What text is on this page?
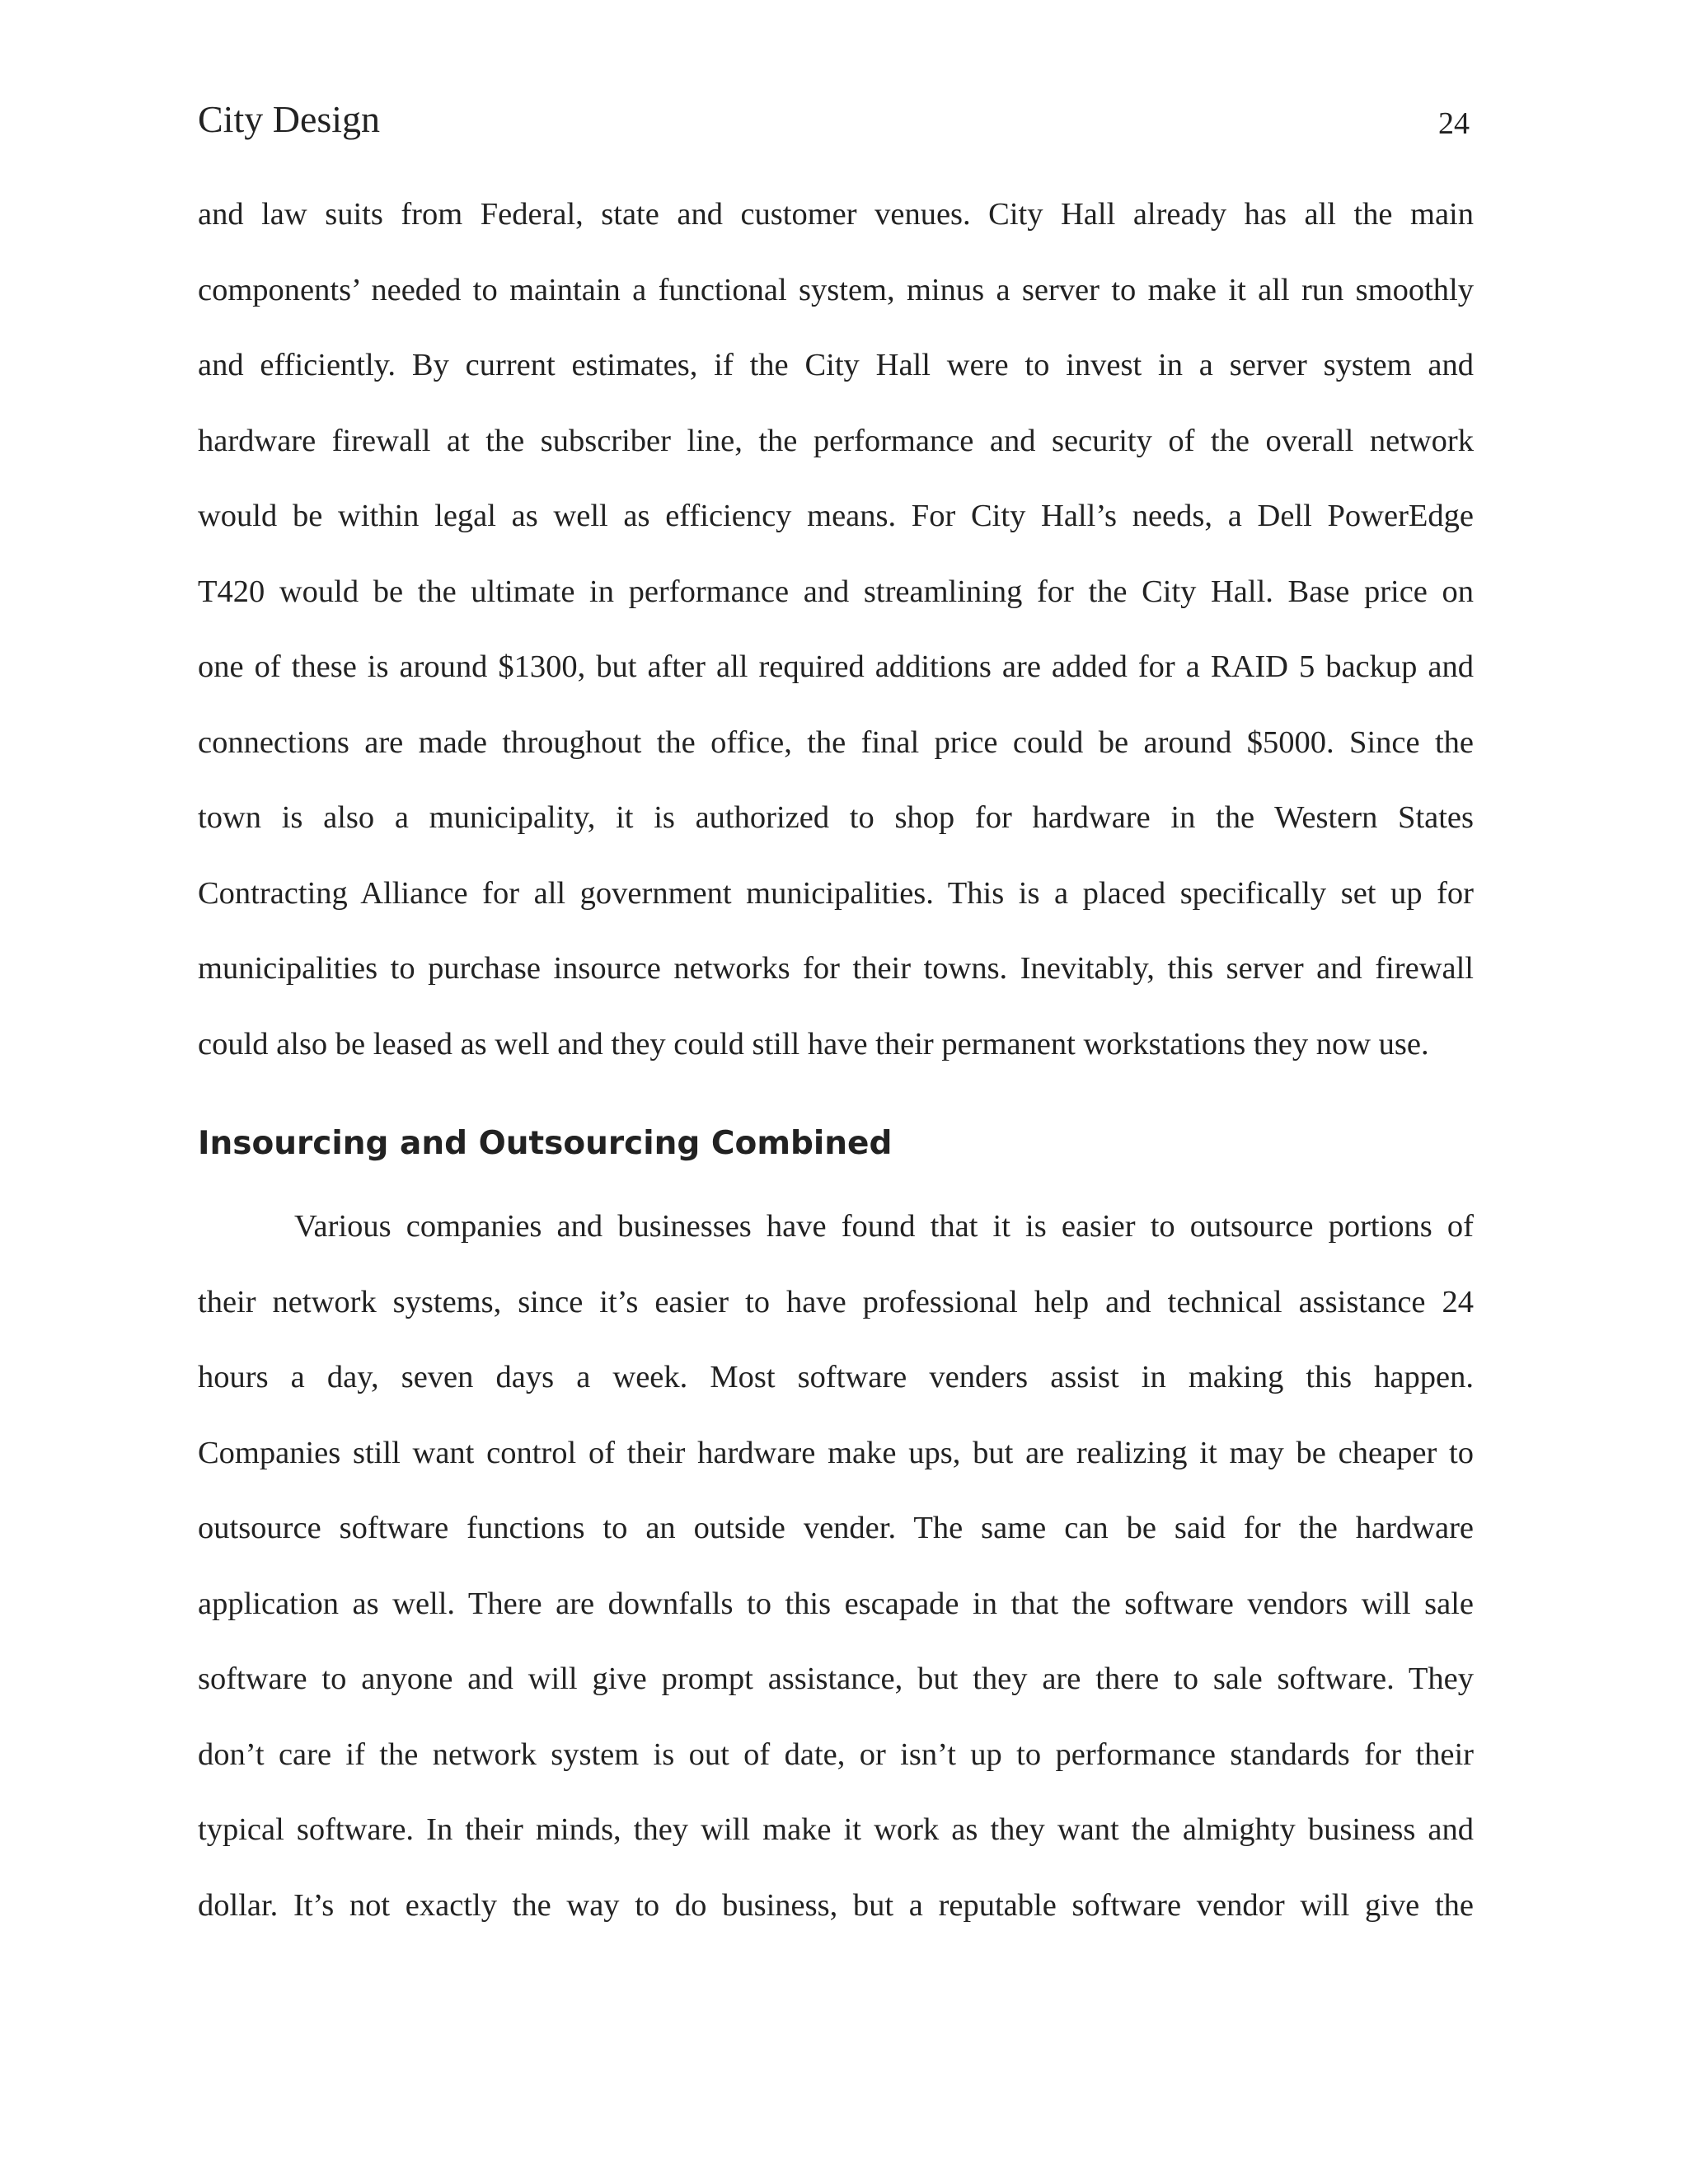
City Design	24
and law suits from Federal, state and customer venues. City Hall already has all the main
components’ needed to maintain a functional system, minus a server to make it all run smoothly
and efficiently. By current estimates, if the City Hall were to invest in a server system and
hardware firewall at the subscriber line, the performance and security of the overall network
would be within legal as well as efficiency means. For City Hall’s needs, a Dell PowerEdge
T420 would be the ultimate in performance and streamlining for the City Hall. Base price on
one of these is around $1300, but after all required additions are added for a RAID 5 backup and
connections are made throughout the office, the final price could be around $5000. Since the
town is also a municipality, it is authorized to shop for hardware in the Western States
Contracting Alliance for all government municipalities. This is a placed specifically set up for
municipalities to purchase insource networks for their towns. Inevitably, this server and firewall
could also be leased as well and they could still have their permanent workstations they now use.
Insourcing and Outsourcing Combined
Various companies and businesses have found that it is easier to outsource portions of
their network systems, since it’s easier to have professional help and technical assistance 24
hours a day, seven days a week. Most software venders assist in making this happen.
Companies still want control of their hardware make ups, but are realizing it may be cheaper to
outsource software functions to an outside vender. The same can be said for the hardware
application as well. There are downfalls to this escapade in that the software vendors will sale
software to anyone and will give prompt assistance, but they are there to sale software. They
don’t care if the network system is out of date, or isn’t up to performance standards for their
typical software. In their minds, they will make it work as they want the almighty business and
dollar. It’s not exactly the way to do business, but a reputable software vendor will give the
